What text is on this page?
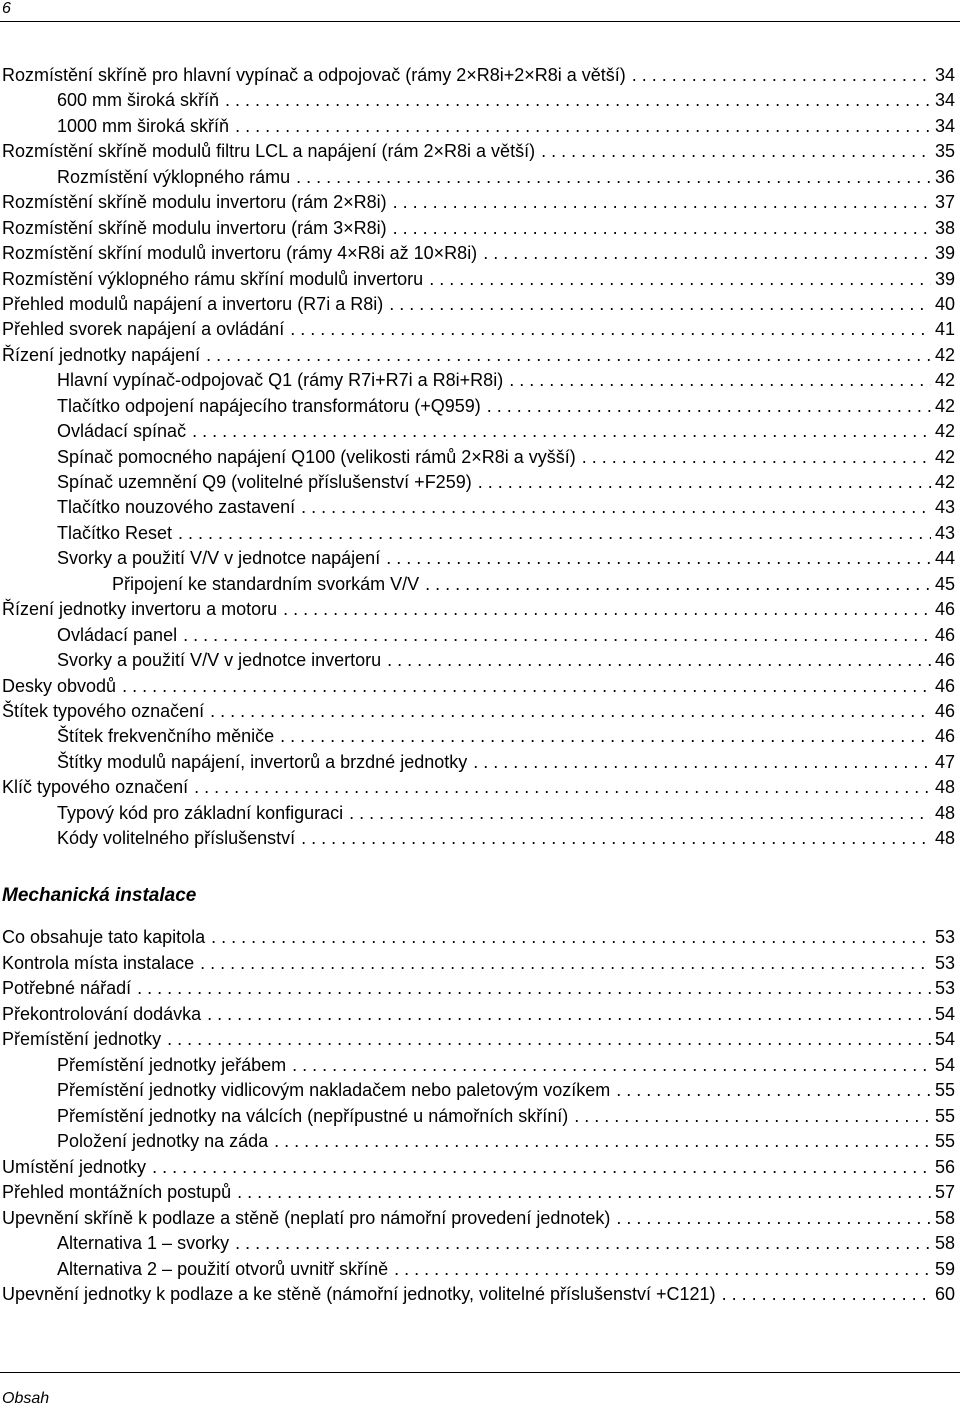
6
Rozmístění skříně pro hlavní vypínač a odpojovač (rámy 2×R8i+2×R8i a větší) . . .	34
600 mm široká skříň . . .	34
1000 mm široká skříň . . .	34
Rozmístění skříně modulů filtru LCL a napájení (rám 2×R8i a větší) . . .	35
Rozmístění výklopného rámu . . .	36
Rozmístění skříně modulu invertoru (rám 2×R8i) . . .	37
Rozmístění skříně modulu invertoru (rám 3×R8i) . . .	38
Rozmístění skříní modulů invertoru (rámy 4×R8i až 10×R8i) . . .	39
Rozmístění výklopného rámu skříní modulů invertoru . . .	39
Přehled modulů napájení a invertoru (R7i a R8i) . . .	40
Přehled svorek napájení a ovládání . . .	41
Řízení jednotky napájení . . .	42
Hlavní vypínač-odpojovač Q1 (rámy R7i+R7i a R8i+R8i) . . .	42
Tlačítko odpojení napájecího transformátoru (+Q959) . . .	42
Ovládací spínač . . .	42
Spínač pomocného napájení Q100 (velikosti rámů 2×R8i a vyšší) . . .	42
Spínač uzemnění Q9 (volitelné příslušenství +F259) . . .	42
Tlačítko nouzového zastavení . . .	43
Tlačítko Reset . . .	43
Svorky a použití V/V v jednotce napájení . . .	44
Připojení ke standardním svorkám V/V . . .	45
Řízení jednotky invertoru a motoru . . .	46
Ovládací panel . . .	46
Svorky a použití V/V v jednotce invertoru . . .	46
Desky obvodů . . .	46
Štítek typového označení . . .	46
Štítek frekvenčního měniče . . .	46
Štítky modulů napájení, invertorů a brzdné jednotky . . .	47
Klíč typového označení . . .	48
Typový kód pro základní konfiguraci . . .	48
Kódy volitelného příslušenství . . .	48
Mechanická instalace
Co obsahuje tato kapitola . . .	53
Kontrola místa instalace . . .	53
Potřebné nářadí . . .	53
Překontrolování dodávka . . .	54
Přemístění jednotky . . .	54
Přemístění jednotky jeřábem . . .	54
Přemístění jednotky vidlicovým nakladačem nebo paletovým vozíkem . . .	55
Přemístění jednotky na válcích (nepřípustné u námořních skříní) . . .	55
Položení jednotky na záda . . .	55
Umístění jednotky . . .	56
Přehled montážních postupů . . .	57
Upevnění skříně k podlaze a stěně (neplatí pro námořní provedení jednotek) . . .	58
Alternativa 1 – svorky . . .	58
Alternativa 2 – použití otvorů uvnitř skříně . . .	59
Upevnění jednotky k podlaze a ke stěně (námořní jednotky, volitelné příslušenství +C121) . . .	60
Obsah
